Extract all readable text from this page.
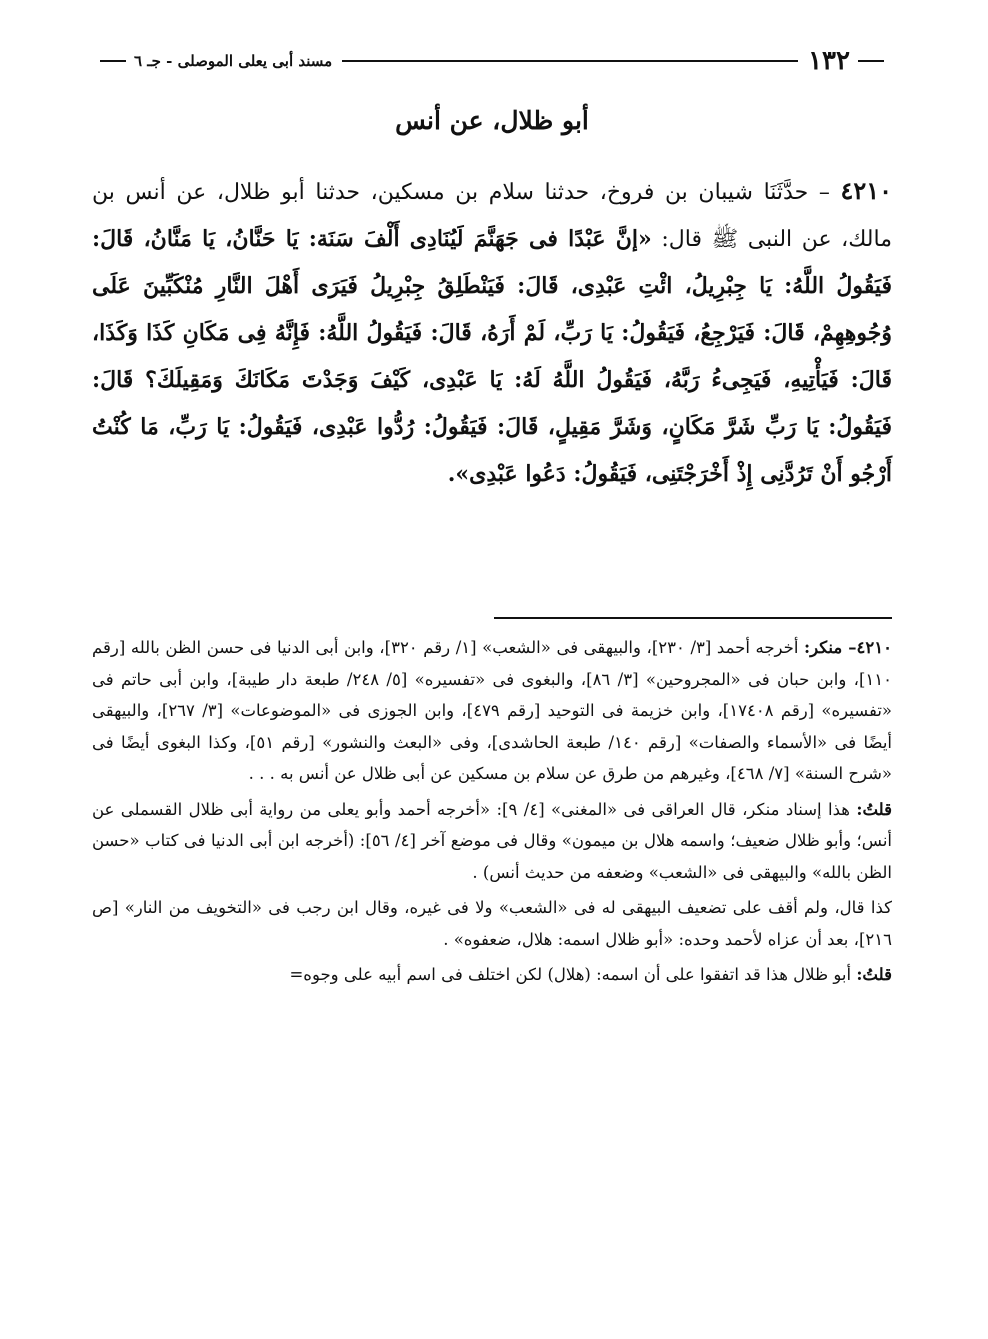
١٣٢
مسند أبى يعلى الموصلى - جـ ٦
أبو ظلال، عن أنس

٤٢١٠ – حدَّثَنَا شيبان بن فروخ، حدثنا سلام بن مسكين، حدثنا أبو ظلال، عن أنس بن مالك، عن النبى ﷺ قال: «إنَّ عَبْدًا فى جَهَنَّمَ لَيُنَادِى أَلْفَ سَنَة: يَا حَنَّانُ، يَا مَنَّانُ، قَالَ: فَيَقُولُ اللَّهُ: يَا جِبْرِيلُ، ائْتِ عَبْدِى، قَالَ: فَيَنْطَلِقُ جِبْرِيلُ فَيَرَى أَهْلَ النَّارِ مُنْكَبِّينَ عَلَى وُجُوهِهِمْ، قَالَ: فَيَرْجِعُ، فَيَقُولُ: يَا رَبِّ، لَمْ أَرَهُ، قَالَ: فَيَقُولُ اللَّهُ: فَإِنَّهُ فِى مَكَانِ كَذَا وَكَذَا، قَالَ: فَيَأْتِيهِ، فَيَجِىءُ رَبَّهُ، فَيَقُولُ اللَّهُ لَهُ: يَا عَبْدِى، كَيْفَ وَجَدْتَ مَكَانَكَ وَمَقِيلَكَ؟ قَالَ: فَيَقُولُ: يَا رَبِّ شَرَّ مَكَانٍ، وَشَرَّ مَقِيلٍ، قَالَ: فَيَقُولُ: رُدُّوا عَبْدِى، فَيَقُولُ: يَا رَبِّ، مَا كُنْتُ أَرْجُو أَنْ تَرُدَّنِى إِذْ أَخْرَجْتَنِى، فَيَقُولُ: دَعُوا عَبْدِى».

٤٢١٠– منكر: أخرجه أحمد [٣/ ٢٣٠]، والبيهقى فى «الشعب» [١/ رقم ٣٢٠]، وابن أبى الدنيا فى حسن الظن بالله [رقم ١١٠]، وابن حبان فى «المجروحين» [٣/ ٨٦]، والبغوى فى «تفسيره» [٥/ ٢٤٨/ طبعة دار طيبة]، وابن أبى حاتم فى «تفسيره» [رقم ١٧٤٠٨]، وابن خزيمة فى التوحيد [رقم ٤٧٩]، وابن الجوزى فى «الموضوعات» [٣/ ٢٦٧]، والبيهقى أيضًا فى «الأسماء والصفات» [رقم ١٤٠/ طبعة الحاشدى]، وفى «البعث والنشور» [رقم ٥١]، وكذا البغوى أيضًا فى «شرح السنة» [٧/ ٤٦٨]، وغيرهم من طرق عن سلام بن مسكين عن أبى ظلال عن أنس به . . .

قلتُ: هذا إسناد منكر، قال العراقى فى «المغنى» [٤/ ٩]: «أخرجه أحمد وأبو يعلى من رواية أبى ظلال القسملى عن أنس؛ وأبو ظلال ضعيف؛ واسمه هلال بن ميمون» وقال فى موضع آخر [٤/ ٥٦]: (أخرجه ابن أبى الدنيا فى كتاب «حسن الظن بالله» والبيهقى فى «الشعب» وضعفه من حديث أنس) .

كذا قال، ولم أقف على تضعيف البيهقى له فى «الشعب» ولا فى غيره، وقال ابن رجب فى «التخويف من النار» [ص ٢١٦]، بعد أن عزاه لأحمد وحده: «أبو ظلال اسمه: هلال، ضعفوه» .

قلتُ: أبو ظلال هذا قد اتفقوا على أن اسمه: (هلال) لكن اختلف فى اسم أبيه على وجوه=
